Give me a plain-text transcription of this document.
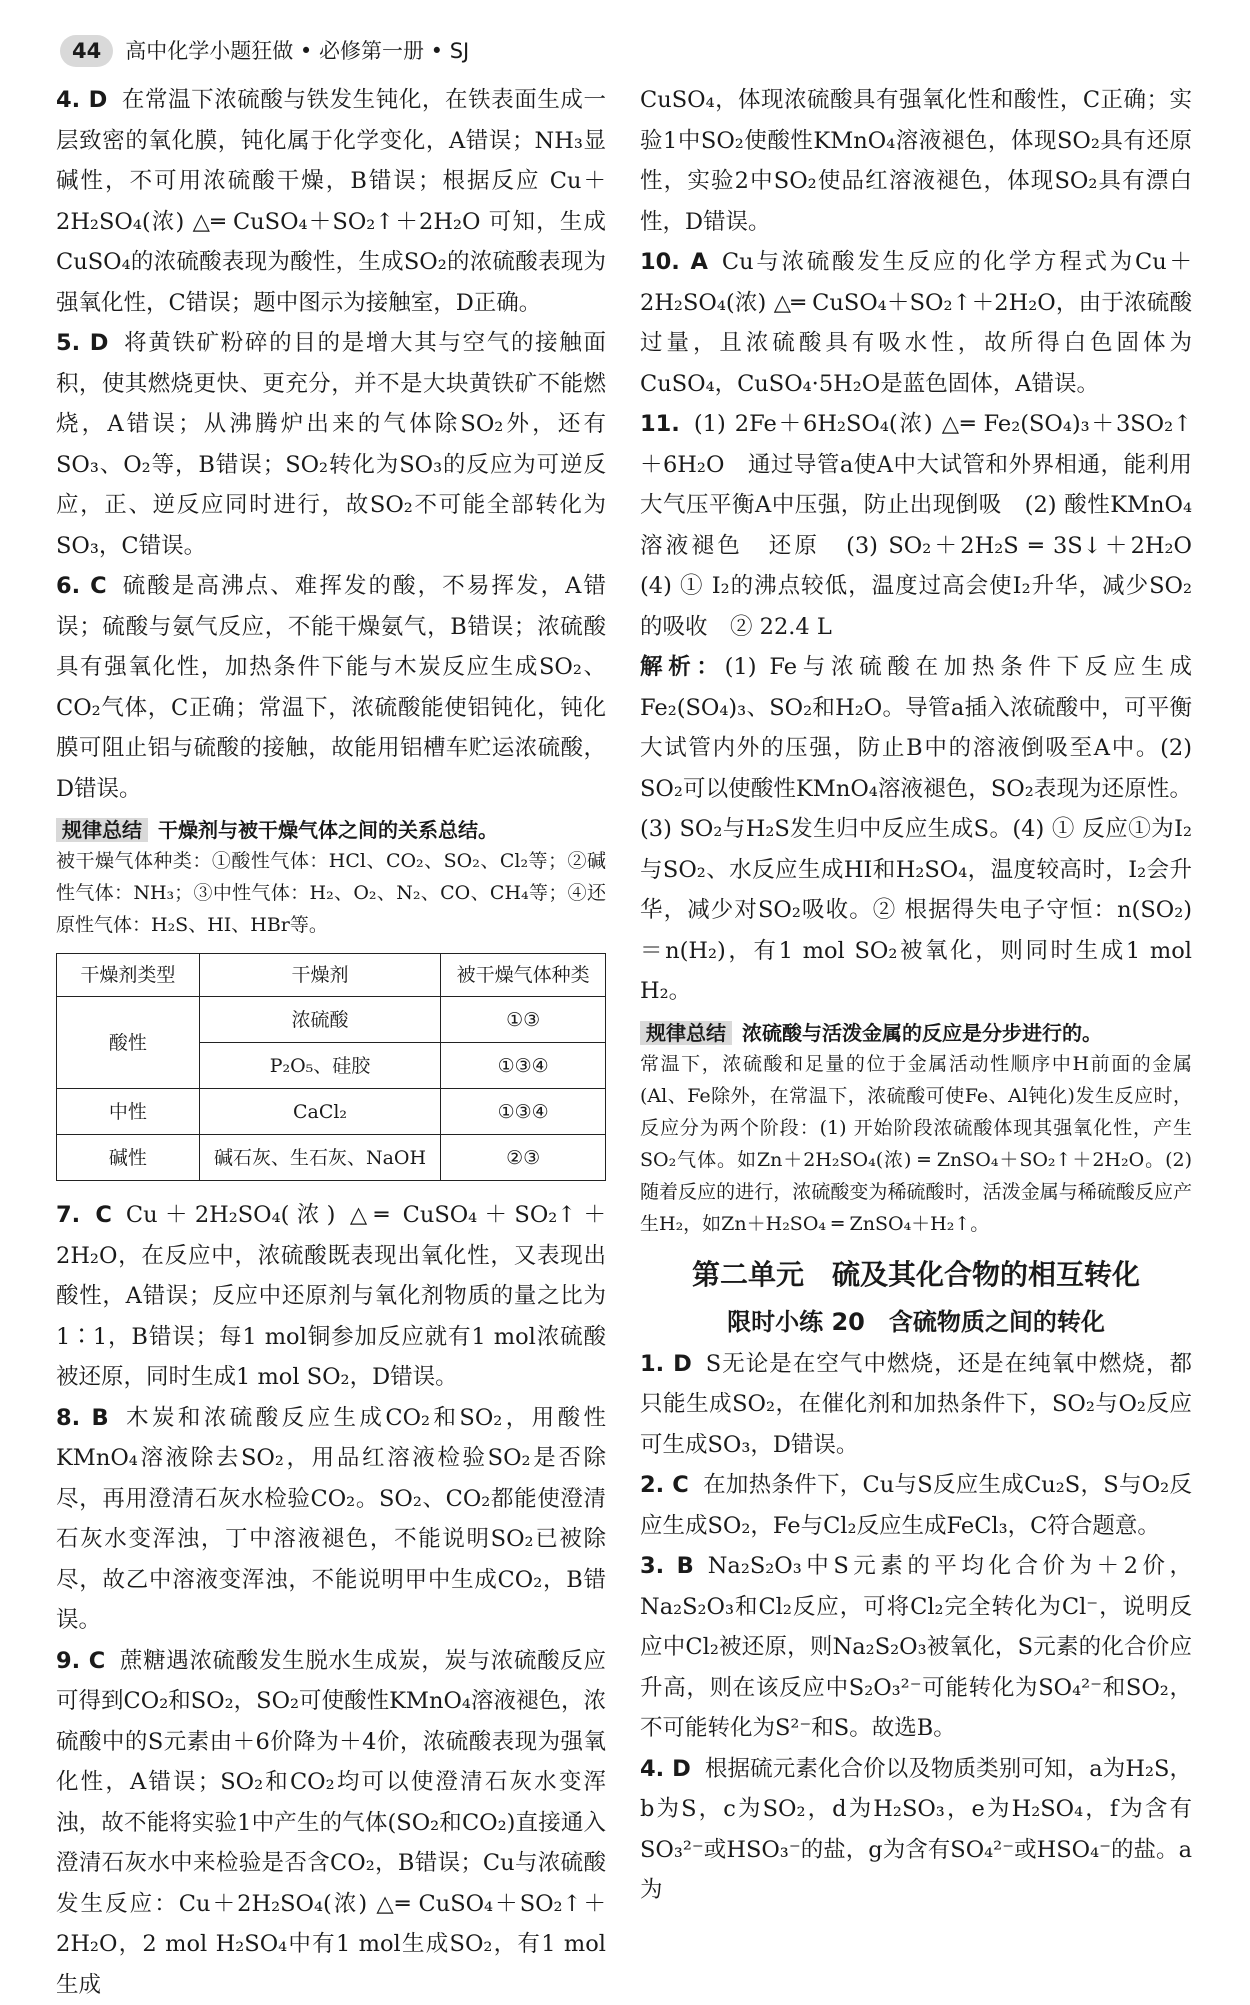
44	高中化学小题狂做 • 必修第一册 • SJ

4. D 在常温下浓硫酸与铁发生钝化，在铁表面生成一层致密的氧化膜，钝化属于化学变化，A错误；NH₃显碱性，不可用浓硫酸干燥，B错误；根据反应 Cu＋2H₂SO₄(浓) △═ CuSO₄＋SO₂↑＋2H₂O 可知，生成CuSO₄的浓硫酸表现为酸性，生成SO₂的浓硫酸表现为强氧化性，C错误；题中图示为接触室，D正确。

5. D 将黄铁矿粉碎的目的是增大其与空气的接触面积，使其燃烧更快、更充分，并不是大块黄铁矿不能燃烧，A错误；从沸腾炉出来的气体除SO₂外，还有SO₃、O₂等，B错误；SO₂转化为SO₃的反应为可逆反应，正、逆反应同时进行，故SO₂不可能全部转化为SO₃，C错误。

6. C 硫酸是高沸点、难挥发的酸，不易挥发，A错误；硫酸与氨气反应，不能干燥氨气，B错误；浓硫酸具有强氧化性，加热条件下能与木炭反应生成SO₂、CO₂气体，C正确；常温下，浓硫酸能使铝钝化，钝化膜可阻止铝与硫酸的接触，故能用铝槽车贮运浓硫酸，D错误。

规律总结 干燥剂与被干燥气体之间的关系总结。

被干燥气体种类：①酸性气体：HCl、CO₂、SO₂、Cl₂等；②碱性气体：NH₃；③中性气体：H₂、O₂、N₂、CO、CH₄等；④还原性气体：H₂S、HI、HBr等。

干燥剂类型	干燥剂	被干燥气体种类
酸性	浓硫酸	①③
	P₂O₅、硅胶	①③④
中性	CaCl₂	①③④
碱性	碱石灰、生石灰、NaOH	②③

7. C Cu＋2H₂SO₄(浓) △═ CuSO₄＋SO₂↑＋2H₂O，在反应中，浓硫酸既表现出氧化性，又表现出酸性，A错误；反应中还原剂与氧化剂物质的量之比为1∶1，B错误；每1 mol铜参加反应就有1 mol浓硫酸被还原，同时生成1 mol SO₂，D错误。

8. B 木炭和浓硫酸反应生成CO₂和SO₂，用酸性KMnO₄溶液除去SO₂，用品红溶液检验SO₂是否除尽，再用澄清石灰水检验CO₂。SO₂、CO₂都能使澄清石灰水变浑浊，丁中溶液褪色，不能说明SO₂已被除尽，故乙中溶液变浑浊，不能说明甲中生成CO₂，B错误。

9. C 蔗糖遇浓硫酸发生脱水生成炭，炭与浓硫酸反应可得到CO₂和SO₂，SO₂可使酸性KMnO₄溶液褪色，浓硫酸中的S元素由＋6价降为＋4价，浓硫酸表现为强氧化性，A错误；SO₂和CO₂均可以使澄清石灰水变浑浊，故不能将实验1中产生的气体(SO₂和CO₂)直接通入澄清石灰水中来检验是否含CO₂，B错误；Cu与浓硫酸发生反应：Cu＋2H₂SO₄(浓) △═ CuSO₄＋SO₂↑＋2H₂O，2 mol H₂SO₄中有1 mol生成SO₂，有1 mol生成

CuSO₄，体现浓硫酸具有强氧化性和酸性，C正确；实验1中SO₂使酸性KMnO₄溶液褪色，体现SO₂具有还原性，实验2中SO₂使品红溶液褪色，体现SO₂具有漂白性，D错误。

10. A Cu与浓硫酸发生反应的化学方程式为Cu＋2H₂SO₄(浓) △═ CuSO₄＋SO₂↑＋2H₂O，由于浓硫酸过量，且浓硫酸具有吸水性，故所得白色固体为CuSO₄，CuSO₄·5H₂O是蓝色固体，A错误。

11. (1) 2Fe＋6H₂SO₄(浓) △═ Fe₂(SO₄)₃＋3SO₂↑＋6H₂O　通过导管a使A中大试管和外界相通，能利用大气压平衡A中压强，防止出现倒吸　(2) 酸性KMnO₄溶液褪色　还原　(3) SO₂＋2H₂S ═ 3S↓＋2H₂O　(4) ① I₂的沸点较低，温度过高会使I₂升华，减少SO₂的吸收　② 22.4 L

解析：(1) Fe与浓硫酸在加热条件下反应生成Fe₂(SO₄)₃、SO₂和H₂O。导管a插入浓硫酸中，可平衡大试管内外的压强，防止B中的溶液倒吸至A中。(2) SO₂可以使酸性KMnO₄溶液褪色，SO₂表现为还原性。(3) SO₂与H₂S发生归中反应生成S。(4) ① 反应①为I₂与SO₂、水反应生成HI和H₂SO₄，温度较高时，I₂会升华，减少对SO₂吸收。② 根据得失电子守恒：n(SO₂)＝n(H₂)，有1 mol SO₂被氧化，则同时生成1 mol H₂。

规律总结 浓硫酸与活泼金属的反应是分步进行的。

常温下，浓硫酸和足量的位于金属活动性顺序中H前面的金属(Al、Fe除外，在常温下，浓硫酸可使Fe、Al钝化)发生反应时，反应分为两个阶段：(1) 开始阶段浓硫酸体现其强氧化性，产生SO₂气体。如Zn＋2H₂SO₄(浓) ═ ZnSO₄＋SO₂↑＋2H₂O。(2) 随着反应的进行，浓硫酸变为稀硫酸时，活泼金属与稀硫酸反应产生H₂，如Zn＋H₂SO₄ ═ ZnSO₄＋H₂↑。

第二单元　硫及其化合物的相互转化
限时小练 20　含硫物质之间的转化

1. D S无论是在空气中燃烧，还是在纯氧中燃烧，都只能生成SO₂，在催化剂和加热条件下，SO₂与O₂反应可生成SO₃，D错误。

2. C 在加热条件下，Cu与S反应生成Cu₂S，S与O₂反应生成SO₂，Fe与Cl₂反应生成FeCl₃，C符合题意。

3. B Na₂S₂O₃中S元素的平均化合价为＋2价，Na₂S₂O₃和Cl₂反应，可将Cl₂完全转化为Cl⁻，说明反应中Cl₂被还原，则Na₂S₂O₃被氧化，S元素的化合价应升高，则在该反应中S₂O₃²⁻可能转化为SO₄²⁻和SO₂，不可能转化为S²⁻和S。故选B。

4. D 根据硫元素化合价以及物质类别可知，a为H₂S，b为S，c为SO₂，d为H₂SO₃，e为H₂SO₄，f为含有SO₃²⁻或HSO₃⁻的盐，g为含有SO₄²⁻或HSO₄⁻的盐。a为
